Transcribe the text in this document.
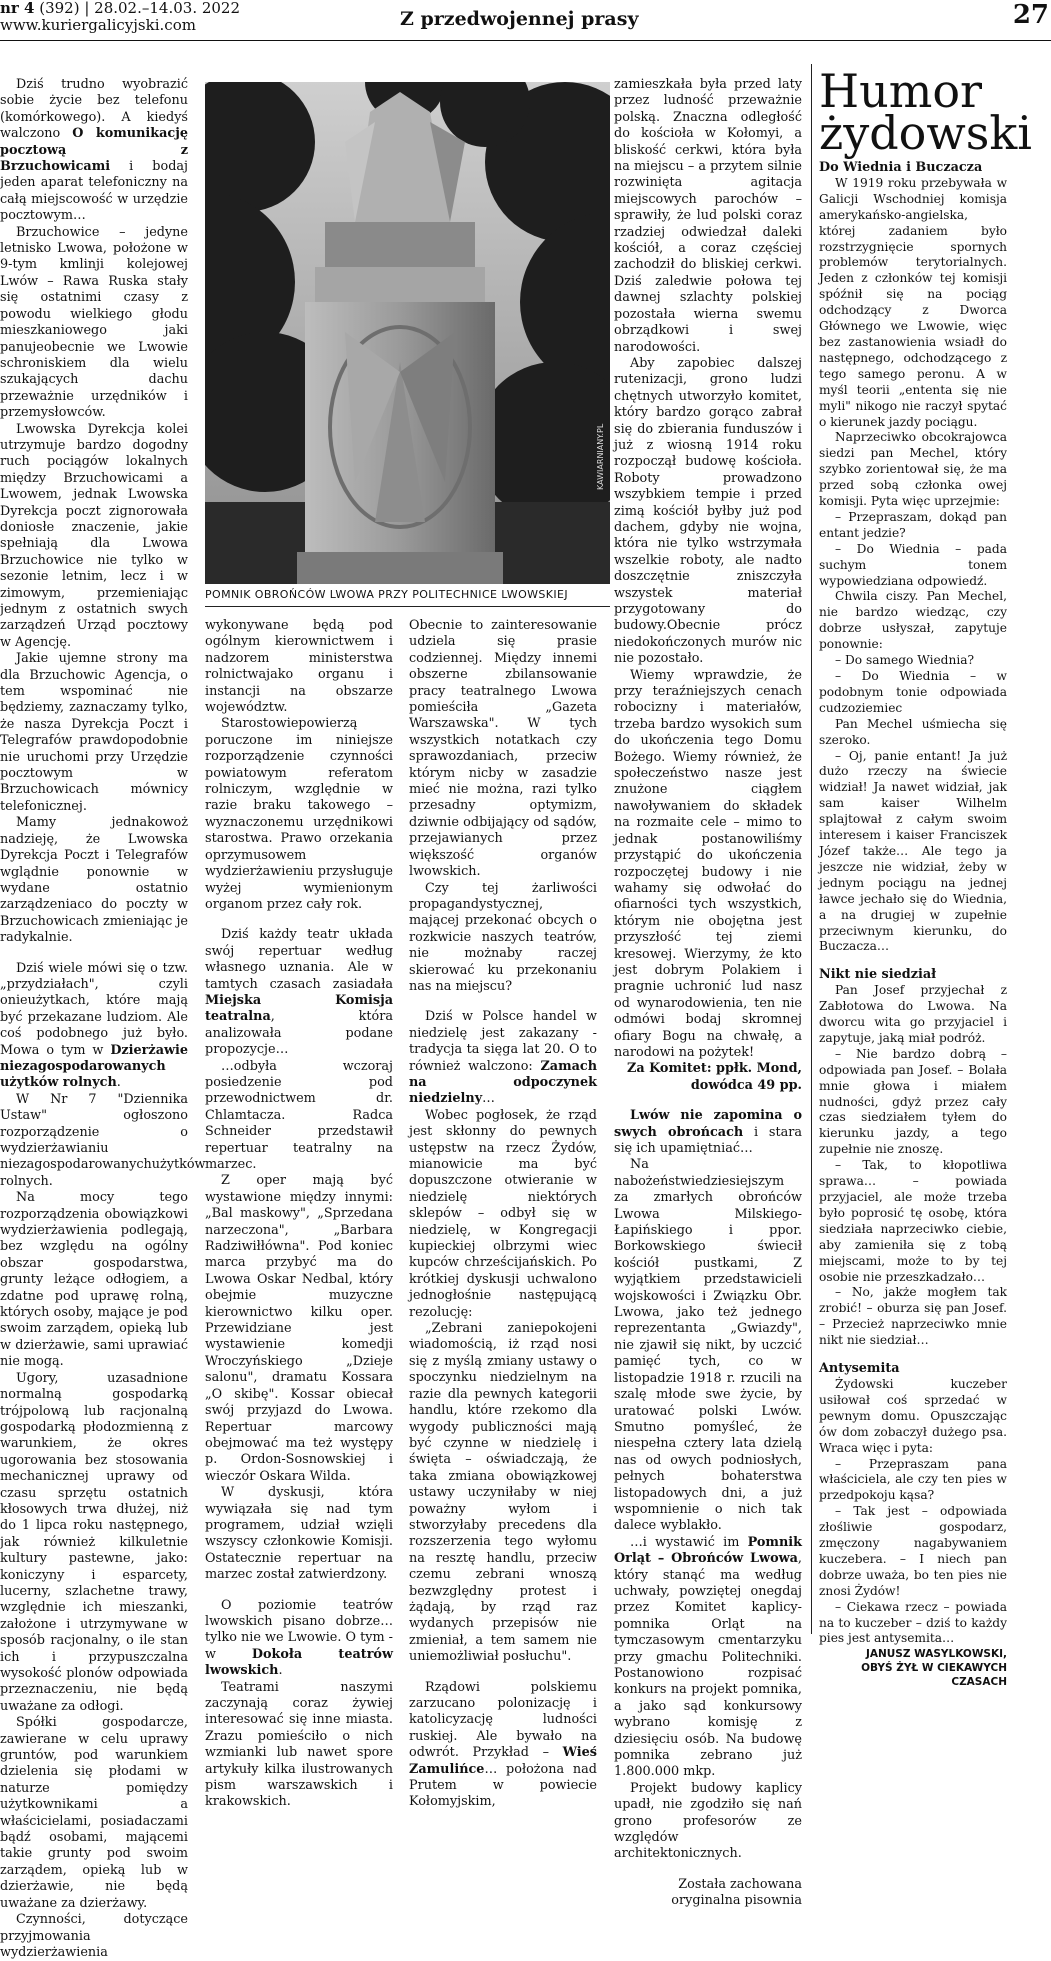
nr 4 (392) | 28.02.–14.03. 2022
www.kuriergalicyjski.com	Z przedwojennej prasy	27

Dziś trudno wyobrazić sobie życie bez telefonu (komórkowego). A kiedyś walczono O komunikację pocztową z Brzuchowicami i bodaj jeden aparat telefoniczny na całą miejscowość w urzędzie pocztowym…

Brzuchowice – jedyne letnisko Lwowa, położone w 9-tym kmlinji kolejowej Lwów – Rawa Ruska stały się ostatnimi czasy z powodu wielkiego głodu mieszkaniowego jaki panujeobecnie we Lwowie schroniskiem dla wielu szukających dachu przeważnie urzędników i przemysłowców.

Lwowska Dyrekcja kolei utrzymuje bardzo dogodny ruch pociągów lokalnych między Brzuchowicami a Lwowem, jednak Lwowska Dyrekcja poczt zignorowała doniosłe znaczenie, jakie spełniają dla Lwowa Brzuchowice nie tylko w sezonie letnim, lecz i w zimowym, przemieniając jednym z ostatnich swych zarządzeń Urząd pocztowy w Agencję.

Jakie ujemne strony ma dla Brzuchowic Agencja, o tem wspominać nie będziemy, zaznaczamy tylko, że nasza Dyrekcja Poczt i Telegrafów prawdopodobnie nie uruchomi przy Urzędzie pocztowym w Brzuchowicach mównicy telefonicznej.

Mamy jednakowoż nadzieję, że Lwowska Dyrekcja Poczt i Telegrafów wglądnie ponownie w wydane ostatnio zarządzeniaco do poczty w Brzuchowicach zmieniając je radykalnie.

Dziś wiele mówi się o tzw. „przydziałach", czyli onieużytkach, które mają być przekazane ludziom. Ale coś podobnego już było. Mowa o tym w Dzierżawie niezagospodarowanych użytków rolnych.

W Nr 7 "Dziennika Ustaw" ogłoszono rozporządzenie o wydzierżawianiu niezagospodarowanychużytków rolnych.

Na mocy tego rozporządzenia obowiązkowi wydzierżawienia podlegają, bez względu na ogólny obszar gospodarstwa, grunty leżące odłogiem, a zdatne pod uprawę rolną, których osoby, mające je pod swoim zarządem, opieką lub w dzierżawie, sami uprawiać nie mogą.

Ugory, uzasadnione normalną gospodarką trójpolową lub racjonalną gospodarką płodozmienną z warunkiem, że okres ugorowania bez stosowania mechanicznej uprawy od czasu sprzętu ostatnich kłosowych trwa dłużej, niż do 1 lipca roku następnego, jak również kilkuletnie kultury pastewne, jako: koniczyny i esparcety, lucerny, szlachetne trawy, względnie ich mieszanki, założone i utrzymywane w sposób racjonalny, o ile stan ich i przypuszczalna wysokość plonów odpowiada przeznaczeniu, nie będą uważane za odłogi.

Spółki gospodarcze, zawierane w celu uprawy gruntów, pod warunkiem dzielenia się płodami w naturze pomiędzy użytkownikami a właścicielami, posiadaczami bądź osobami, mającemi takie grunty pod swoim zarządem, opieką lub w dzierżawie, nie będą uważane za dzierżawy.

Czynności, dotyczące przyjmowania wydzierżawienia

KAWIARNIANY.PL
POMNIK OBROŃCÓW LWOWA PRZY POLITECHNICE LWOWSKIEJ

wykonywane będą pod ogólnym kierownictwem i nadzorem ministerstwa rolnictwajako organu i instancji na obszarze województw.

Starostowiepowierzą poruczone im niniejsze rozporządzenie czynności powiatowym referatom rolniczym, względnie w razie braku takowego – wyznaczonemu urzędnikowi starostwa. Prawo orzekania oprzymusowem wydzierżawieniu przysługuje wyżej wymienionym organom przez cały rok.

Dziś każdy teatr układa swój repertuar według własnego uznania. Ale w tamtych czasach zasiadała Miejska Komisja teatralna, która analizowała podane propozycje…

…odbyła wczoraj posiedzenie pod przewodnictwem dr. Chlamtacza. Radca Schneider przedstawił repertuar teatralny na marzec.

Z oper mają być wystawione między innymi: „Bal maskowy", „Sprzedana narzeczona", „Barbara Radziwiłłówna". Pod koniec marca przybyć ma do Lwowa Oskar Nedbal, który obejmie muzyczne kierownictwo kilku oper. Przewidziane jest wystawienie komedji Wroczyńskiego „Dzieje salonu", dramatu Kossara „O skibę". Kossar obiecał swój przyjazd do Lwowa. Repertuar marcowy obejmować ma też występy p. Ordon-Sosnowskiej i wieczór Oskara Wilda.

W dyskusji, która wywiązała się nad tym programem, udział wzięli wszyscy członkowie Komisji. Ostatecznie repertuar na marzec został zatwierdzony.

O poziomie teatrów lwowskich pisano dobrze… tylko nie we Lwowie. O tym - w Dokoła teatrów lwowskich.

Teatrami naszymi zaczynają coraz żywiej interesować się inne miasta. Zrazu pomieściło o nich wzmianki lub nawet spore artykuły kilka ilustrowanych pism warszawskich i krakowskich.

Obecnie to zainteresowanie udziela się prasie codziennej. Między innemi obszerne zbilansowanie pracy teatralnego Lwowa pomieściła „Gazeta Warszawska". W tych wszystkich notatkach czy sprawozdaniach, przeciw którym nicby w zasadzie mieć nie można, razi tylko przesadny optymizm, dziwnie odbijający od sądów, przejawianych przez większość organów lwowskich.

Czy tej żarliwości propagandystycznej, mającej przekonać obcych o rozkwicie naszych teatrów, nie możnaby raczej skierować ku przekonaniu nas na miejscu?

Dziś w Polsce handel w niedzielę jest zakazany - tradycja ta sięga lat 20. O to również walczono: Zamach na odpoczynek niedzielny…

Wobec pogłosek, że rząd jest skłonny do pewnych ustępstw na rzecz Żydów, mianowicie ma być dopuszczone otwieranie w niedzielę niektórych sklepów – odbył się w niedzielę, w Kongregacji kupieckiej olbrzymi wiec kupców chrześcijańskich. Po krótkiej dyskusji uchwalono jednogłośnie następującą rezolucję:

„Zebrani zaniepokojeni wiadomością, iż rząd nosi się z myślą zmiany ustawy o spoczynku niedzielnym na razie dla pewnych kategorii handlu, które rzekomo dla wygody publiczności mają być czynne w niedzielę i święta – oświadczają, że taka zmiana obowiązkowej ustawy uczyniłaby w niej poważny wyłom i stworzyłaby precedens dla rozszerzenia tego wyłomu na resztę handlu, przeciw czemu zebrani wnoszą bezwzględny protest i żądają, by rząd raz wydanych przepisów nie zmieniał, a tem samem nie uniemożliwiał posłuchu".

Rządowi polskiemu zarzucano polonizację i katolicyzację ludności ruskiej. Ale bywało na odwrót. Przykład – Wieś Zamulińce… położona nad Prutem w powiecie Kołomyjskim,

zamieszkała była przed laty przez ludność przeważnie polską. Znaczna odległość do kościoła w Kołomyi, a bliskość cerkwi, która była na miejscu – a przytem silnie rozwinięta agitacja miejscowych parochów – sprawiły, że lud polski coraz rzadziej odwiedzał daleki kościół, a coraz częściej zachodził do bliskiej cerkwi. Dziś zaledwie połowa tej dawnej szlachty polskiej pozostała wierna swemu obrządkowi i swej narodowości.

Aby zapobiec dalszej rutenizacji, grono ludzi chętnych utworzyło komitet, który bardzo gorąco zabrał się do zbierania funduszów i już z wiosną 1914 roku rozpoczął budowę kościoła. Roboty prowadzono wszybkiem tempie i przed zimą kościół byłby już pod dachem, gdyby nie wojna, która nie tylko wstrzymała wszelkie roboty, ale nadto doszczętnie zniszczyła wszystek materiał przygotowany do budowy.Obecnie prócz niedokończonych murów nic nie pozostało.

Wiemy wprawdzie, że przy teraźniejszych cenach robocizny i materiałów, trzeba bardzo wysokich sum do ukończenia tego Domu Bożego. Wiemy również, że społeczeństwo nasze jest znużone ciągłem nawoływaniem do składek na rozmaite cele – mimo to jednak postanowiliśmy przystąpić do ukończenia rozpoczętej budowy i nie wahamy się odwołać do ofiarności tych wszystkich, którym nie obojętna jest przyszłość tej ziemi kresowej. Wierzymy, że kto jest dobrym Polakiem i pragnie uchronić lud nasz od wynarodowienia, ten nie odmówi bodaj skromnej ofiary Bogu na chwałę, a narodowi na pożytek!

Za Komitet: ppłk. Mond, dowódca 49 pp.

Lwów nie zapomina o swych obrońcach i stara się ich upamiętniać…

Na nabożeństwiedziesiejszym za zmarłych obrońców Lwowa Milskiego-Łapińskiego i ppor. Borkowskiego świecił kościół pustkami, Z wyjątkiem przedstawicieli wojskowości i Związku Obr. Lwowa, jako też jednego reprezentanta „Gwiazdy", nie zjawił się nikt, by uczcić pamięć tych, co w listopadzie 1918 r. rzucili na szalę młode swe życie, by uratować polski Lwów. Smutno pomyśleć, że niespełna cztery lata dzielą nas od owych podniosłych, pełnych bohaterstwa listopadowych dni, a już wspomnienie o nich tak dalece wyblakło.

…i wystawić im Pomnik Orląt – Obrońców Lwowa, który stanąć ma według uchwały, powziętej onegdaj przez Komitet kaplicy-pomnika Orląt na tymczasowym cmentarzyku przy gmachu Politechniki. Postanowiono rozpisać konkurs na projekt pomnika, a jako sąd konkursowy wybrano komisję z dziesięciu osób. Na budowę pomnika zebrano już 1.800.000 mkp.

Projekt budowy kaplicy upadł, nie zgodziło się nań grono profesorów ze względów architektonicznych.

Została zachowana oryginalna pisownia

Humor żydowski
Do Wiednia i Buczacza

W 1919 roku przebywała w Galicji Wschodniej komisja amerykańsko-angielska, której zadaniem było rozstrzygnięcie spornych problemów terytorialnych. Jeden z członków tej komisji spóźnił się na pociąg odchodzący z Dworca Głównego we Lwowie, więc bez zastanowienia wsiadł do następnego, odchodzącego z tego samego peronu. A w myśl teorii „ententa się nie myli" nikogo nie raczył spytać o kierunek jazdy pociągu.

Naprzeciwko obcokrajowca siedzi pan Mechel, który szybko zorientował się, że ma przed sobą członka owej komisji. Pyta więc uprzejmie:

– Przepraszam, dokąd pan entant jedzie?

– Do Wiednia – pada suchym tonem wypowiedziana odpowiedź.

Chwila ciszy. Pan Mechel, nie bardzo wiedząc, czy dobrze usłyszał, zapytuje ponownie:

– Do samego Wiednia?

– Do Wiednia – w podobnym tonie odpowiada cudzoziemiec

Pan Mechel uśmiecha się szeroko.

– Oj, panie entant! Ja już dużo rzeczy na świecie widział! Ja nawet widział, jak sam kaiser Wilhelm splajtował z całym swoim interesem i kaiser Franciszek Józef także… Ale tego ja jeszcze nie widział, żeby w jednym pociągu na jednej ławce jechało się do Wiednia, a na drugiej w zupełnie przeciwnym kierunku, do Buczacza…

Nikt nie siedział

Pan Josef przyjechał z Zabłotowa do Lwowa. Na dworcu wita go przyjaciel i zapytuje, jaką miał podróż.

– Nie bardzo dobrą – odpowiada pan Josef. – Bolała mnie głowa i miałem nudności, gdyż przez cały czas siedziałem tyłem do kierunku jazdy, a tego zupełnie nie znoszę.

– Tak, to kłopotliwa sprawa… – powiada przyjaciel, ale może trzeba było poprosić tę osobę, która siedziała naprzeciwko ciebie, aby zamieniła się z tobą miejscami, może to by tej osobie nie przeszkadzało…

– No, jakże mogłem tak zrobić! – oburza się pan Josef. – Przecież naprzeciwko mnie nikt nie siedział…

Antysemita

Żydowski kuczeber usiłował coś sprzedać w pewnym domu. Opuszczając ów dom zobaczył dużego psa. Wraca więc i pyta:

– Przepraszam pana właściciela, ale czy ten pies w przedpokoju kąsa?

– Tak jest – odpowiada złośliwie gospodarz, zmęczony nagabywaniem kuczebera. – I niech pan dobrze uważa, bo ten pies nie znosi Żydów!

– Ciekawa rzecz – powiada na to kuczeber – dziś to każdy pies jest antysemita…

JANUSZ WASYLKOWSKI,
OBYŚ ŻYŁ W CIEKAWYCH CZASACH
